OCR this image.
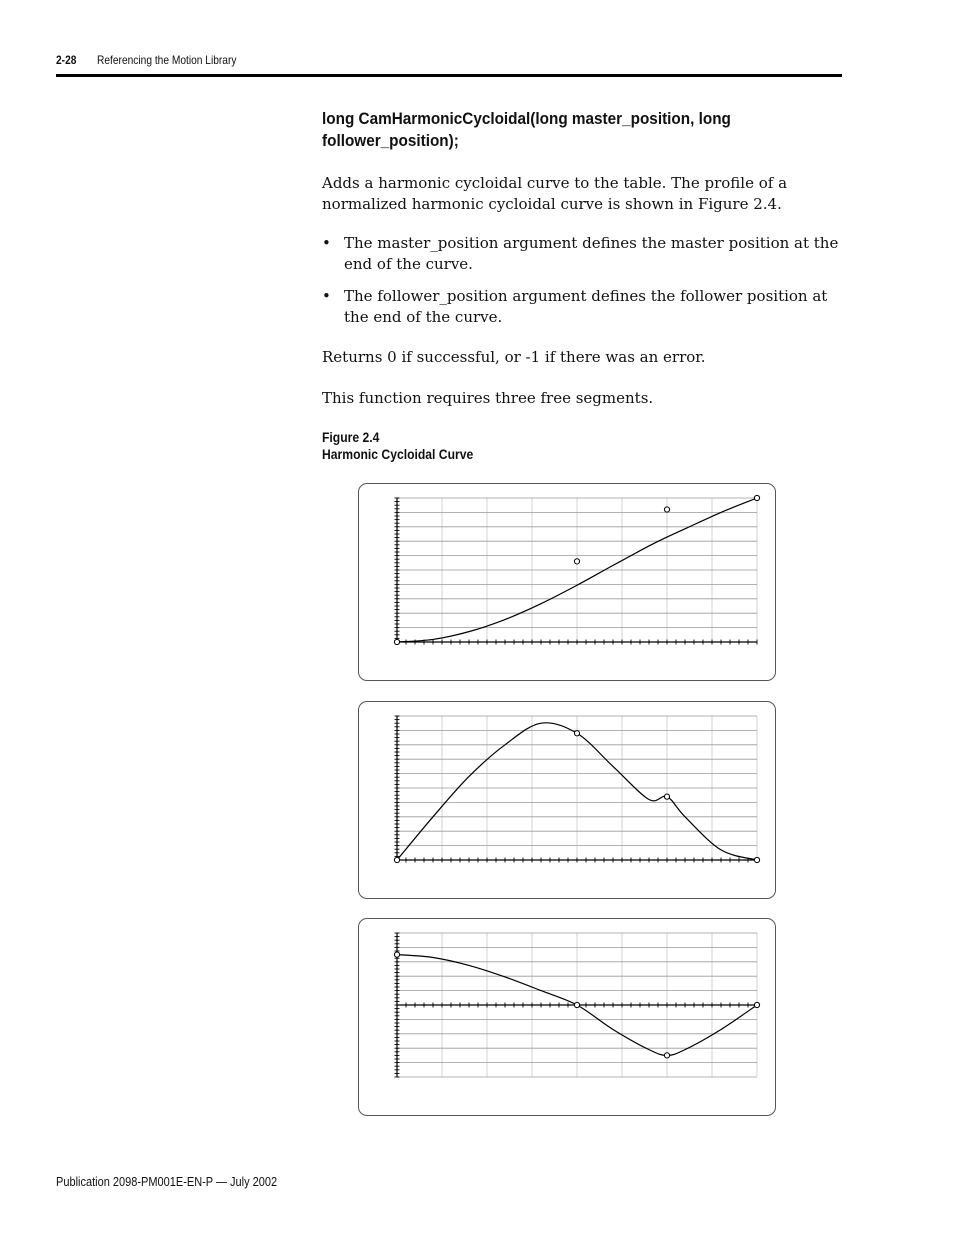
2-28 Referencing the Motion Library
long CamHarmonicCycloidal(long master_position, long follower_position);
Adds a harmonic cycloidal curve to the table. The profile of a normalized harmonic cycloidal curve is shown in Figure 2.4.
• The master_position argument defines the master position at the end of the curve.
• The follower_position argument defines the follower position at the end of the curve.
Returns 0 if successful, or -1 if there was an error.
This function requires three free segments.
Figure 2.4
Harmonic Cycloidal Curve
Publication 2098-PM001E-EN-P — July 2002
